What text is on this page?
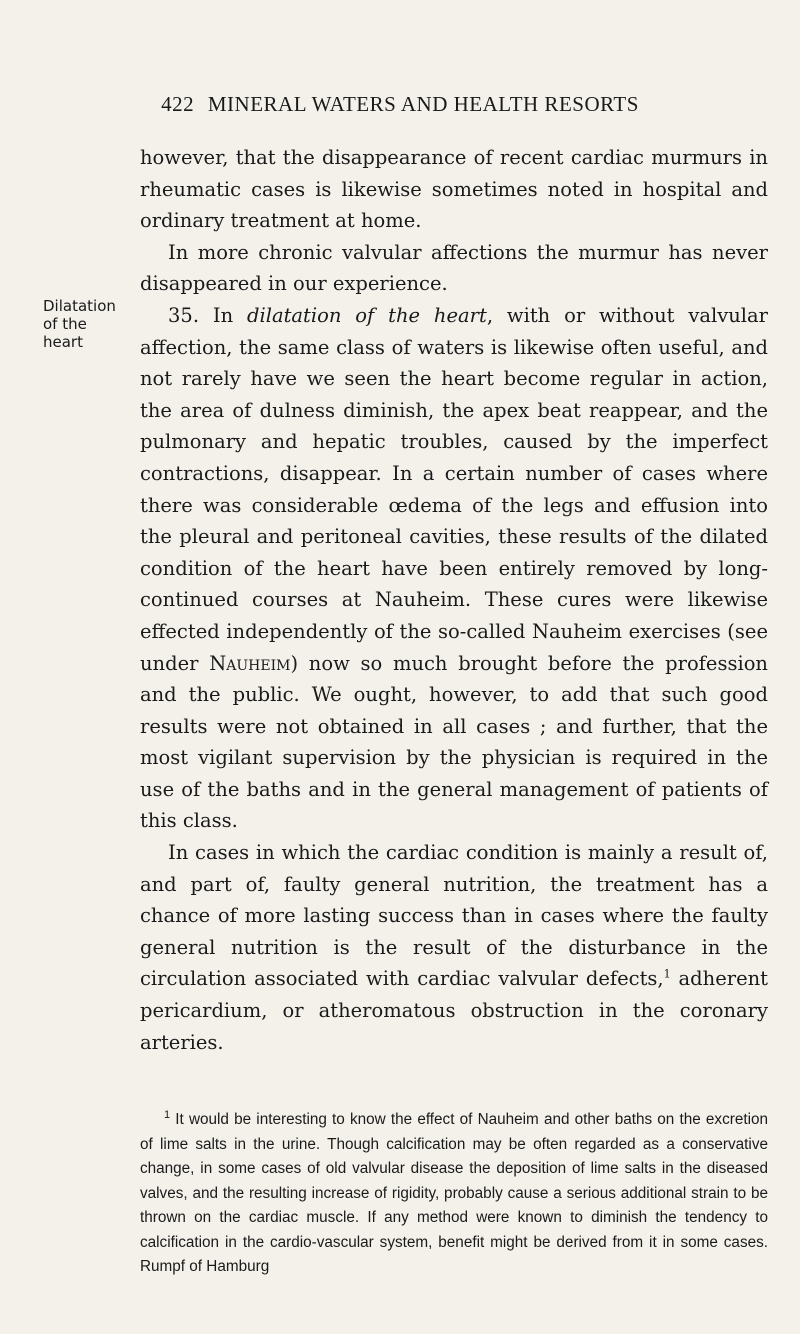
422 MINERAL WATERS AND HEALTH RESORTS
Dilatation
of the
heart

however, that the disappearance of recent cardiac murmurs in rheumatic cases is likewise sometimes noted in hospital and ordinary treatment at home.

In more chronic valvular affections the murmur has never disappeared in our experience.

35. In dilatation of the heart, with or without valvular affection, the same class of waters is likewise often useful, and not rarely have we seen the heart become regular in action, the area of dulness diminish, the apex beat reappear, and the pulmonary and hepatic troubles, caused by the imperfect contractions, disappear. In a certain number of cases where there was considerable œdema of the legs and effusion into the pleural and peritoneal cavities, these results of the dilated condition of the heart have been entirely removed by long-continued courses at Nauheim. These cures were likewise effected independently of the so-called Nauheim exercises (see under Nauheim) now so much brought before the profession and the public. We ought, however, to add that such good results were not obtained in all cases ; and further, that the most vigilant supervision by the physician is required in the use of the baths and in the general management of patients of this class.

In cases in which the cardiac condition is mainly a result of, and part of, faulty general nutrition, the treatment has a chance of more lasting success than in cases where the faulty general nutrition is the result of the disturbance in the circulation associated with cardiac valvular defects,$^1$ adherent pericardium, or atheromatous obstruction in the coronary arteries.

$^1$ It would be interesting to know the effect of Nauheim and other baths on the excretion of lime salts in the urine. Though calcification may be often regarded as a conservative change, in some cases of old valvular disease the deposition of lime salts in the diseased valves, and the resulting increase of rigidity, probably cause a serious additional strain to be thrown on the cardiac muscle. If any method were known to diminish the tendency to calcification in the cardio-vascular system, benefit might be derived from it in some cases. Rumpf of Hamburg
